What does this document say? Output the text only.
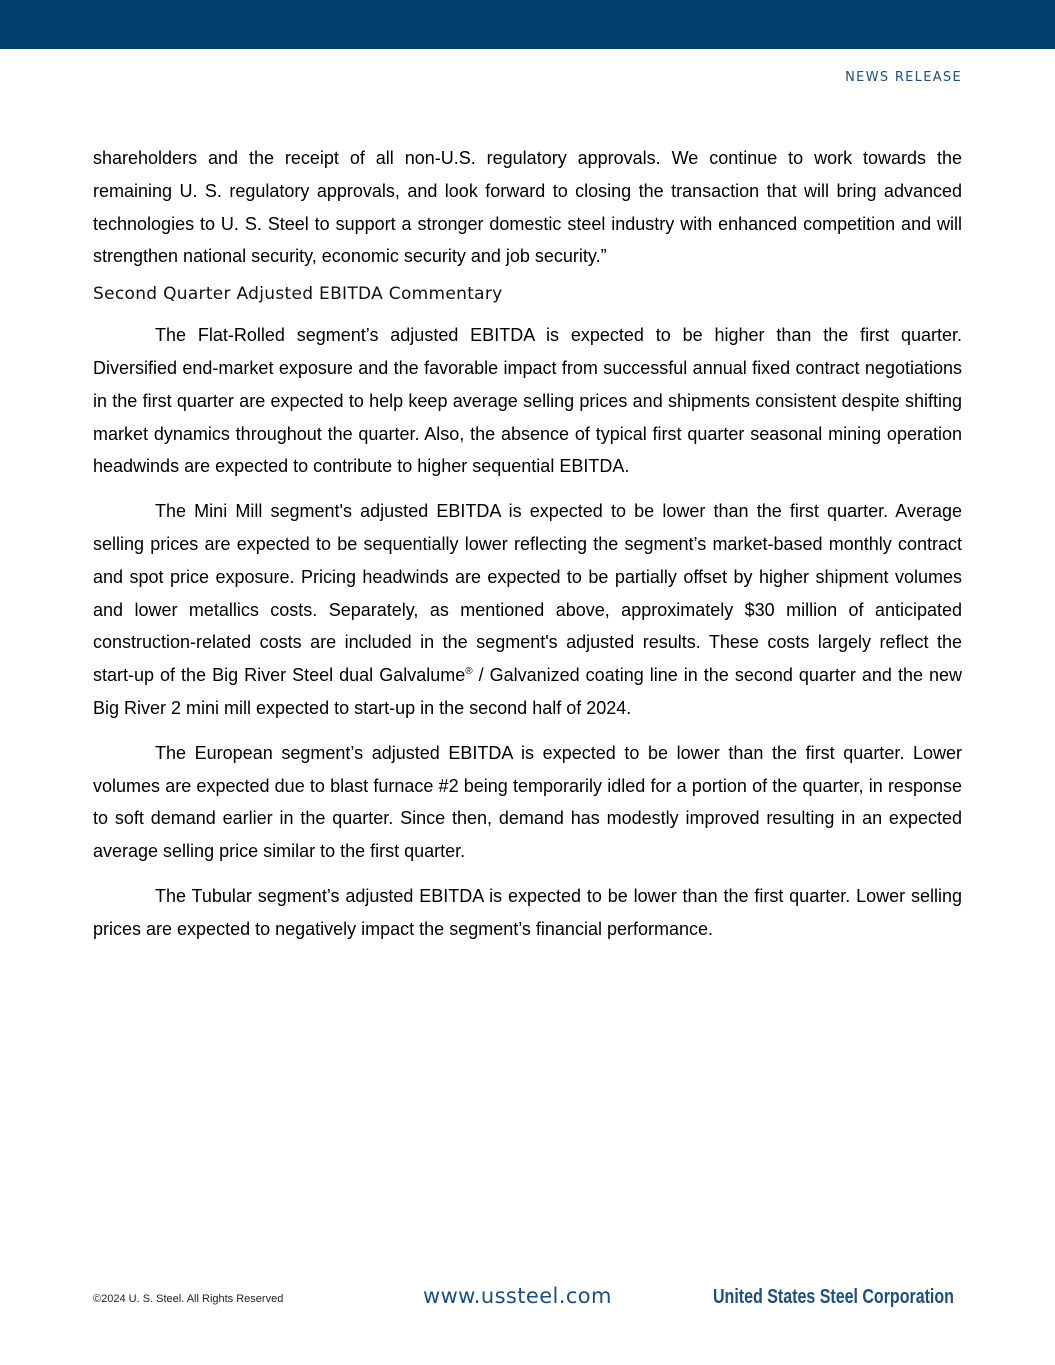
NEWS RELEASE

shareholders and the receipt of all non-U.S. regulatory approvals. We continue to work towards the remaining U. S. regulatory approvals, and look forward to closing the transaction that will bring advanced technologies to U. S. Steel to support a stronger domestic steel industry with enhanced competition and will strengthen national security, economic security and job security.”

Second Quarter Adjusted EBITDA Commentary

The Flat-Rolled segment’s adjusted EBITDA is expected to be higher than the first quarter. Diversified end-market exposure and the favorable impact from successful annual fixed contract negotiations in the first quarter are expected to help keep average selling prices and shipments consistent despite shifting market dynamics throughout the quarter. Also, the absence of typical first quarter seasonal mining operation headwinds are expected to contribute to higher sequential EBITDA.

The Mini Mill segment's adjusted EBITDA is expected to be lower than the first quarter. Average selling prices are expected to be sequentially lower reflecting the segment’s market-based monthly contract and spot price exposure. Pricing headwinds are expected to be partially offset by higher shipment volumes and lower metallics costs. Separately, as mentioned above, approximately $30 million of anticipated construction-related costs are included in the segment's adjusted results. These costs largely reflect the start-up of the Big River Steel dual Galvalume® / Galvanized coating line in the second quarter and the new Big River 2 mini mill expected to start-up in the second half of 2024.

The European segment’s adjusted EBITDA is expected to be lower than the first quarter. Lower volumes are expected due to blast furnace #2 being temporarily idled for a portion of the quarter, in response to soft demand earlier in the quarter. Since then, demand has modestly improved resulting in an expected average selling price similar to the first quarter.

The Tubular segment’s adjusted EBITDA is expected to be lower than the first quarter. Lower selling prices are expected to negatively impact the segment’s financial performance.

©2024 U. S. Steel. All Rights Reserved	www.ussteel.com	United States Steel Corporation
